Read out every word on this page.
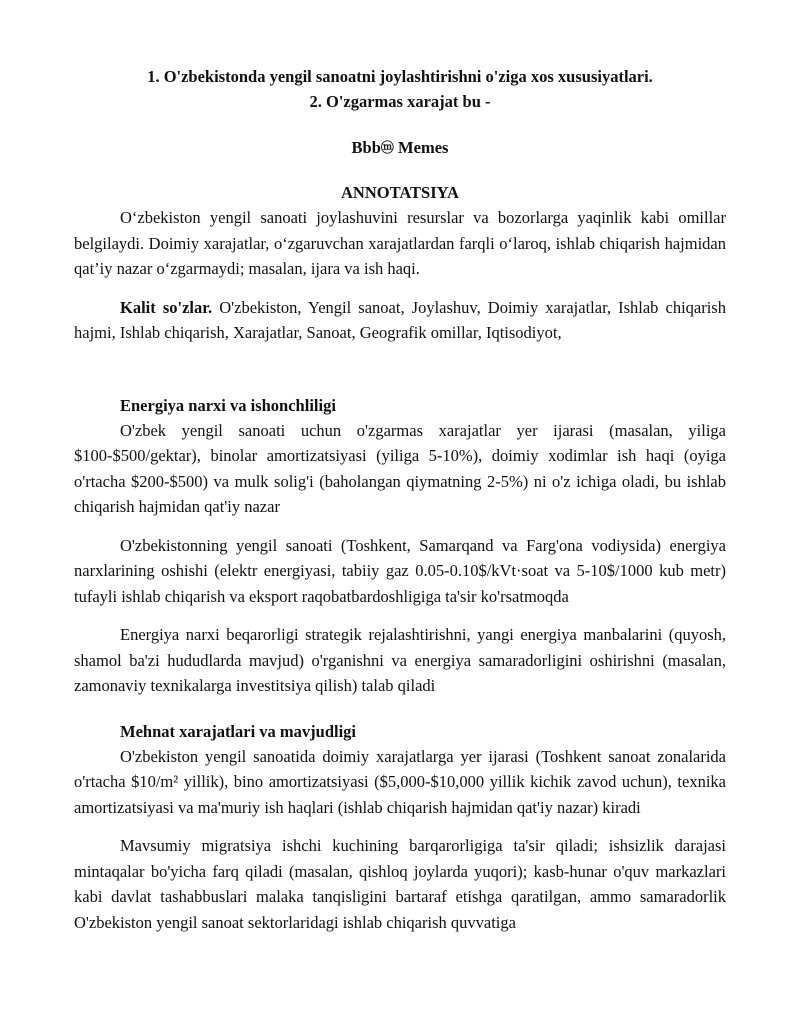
1. O'zbekistonda yengil sanoatni joylashtirishni o'ziga xos xususiyatlari.

2. O'zgarmas xarajat bu -

Bbbⓜ Memes

ANNOTATSIYA

O‘zbekiston yengil sanoati joylashuvini resurslar va bozorlarga yaqinlik kabi omillar belgilaydi. Doimiy xarajatlar, o‘zgaruvchan xarajatlardan farqli o‘laroq, ishlab chiqarish hajmidan qat’iy nazar o‘zgarmaydi; masalan, ijara va ish haqi.

Kalit so'zlar. O'zbekiston, Yengil sanoat, Joylashuv, Doimiy xarajatlar, Ishlab chiqarish hajmi, Ishlab chiqarish, Xarajatlar, Sanoat, Geografik omillar, Iqtisodiyot,

Energiya narxi va ishonchliligi

O'zbek yengil sanoati uchun o'zgarmas xarajatlar yer ijarasi (masalan, yiliga $100-$500/gektar), binolar amortizatsiyasi (yiliga 5-10%), doimiy xodimlar ish haqi (oyiga o'rtacha $200-$500) va mulk solig'i (baholangan qiymatning 2-5%) ni o'z ichiga oladi, bu ishlab chiqarish hajmidan qat'iy nazar

O'zbekistonning yengil sanoati (Toshkent, Samarqand va Farg'ona vodiysida) energiya narxlarining oshishi (elektr energiyasi, tabiiy gaz 0.05-0.10$/kVt·soat va 5-10$/1000 kub metr) tufayli ishlab chiqarish va eksport raqobatbardoshligiga ta'sir ko'rsatmoqda

Energiya narxi beqarorligi strategik rejalashtirishni, yangi energiya manbalarini (quyosh, shamol ba'zi hududlarda mavjud) o'rganishni va energiya samaradorligini oshirishni (masalan, zamonaviy texnikalarga investitsiya qilish) talab qiladi

Mehnat xarajatlari va mavjudligi

O'zbekiston yengil sanoatida doimiy xarajatlarga yer ijarasi (Toshkent sanoat zonalarida o'rtacha $10/m² yillik), bino amortizatsiyasi ($5,000-$10,000 yillik kichik zavod uchun), texnika amortizatsiyasi va ma'muriy ish haqlari (ishlab chiqarish hajmidan qat'iy nazar) kiradi

Mavsumiy migratsiya ishchi kuchining barqarorligiga ta'sir qiladi; ishsizlik darajasi mintaqalar bo'yicha farq qiladi (masalan, qishloq joylarda yuqori); kasb-hunar o'quv markazlari kabi davlat tashabbuslari malaka tanqisligini bartaraf etishga qaratilgan, ammo samaradorlik O'zbekiston yengil sanoat sektorlaridagi ishlab chiqarish quvvatiga
